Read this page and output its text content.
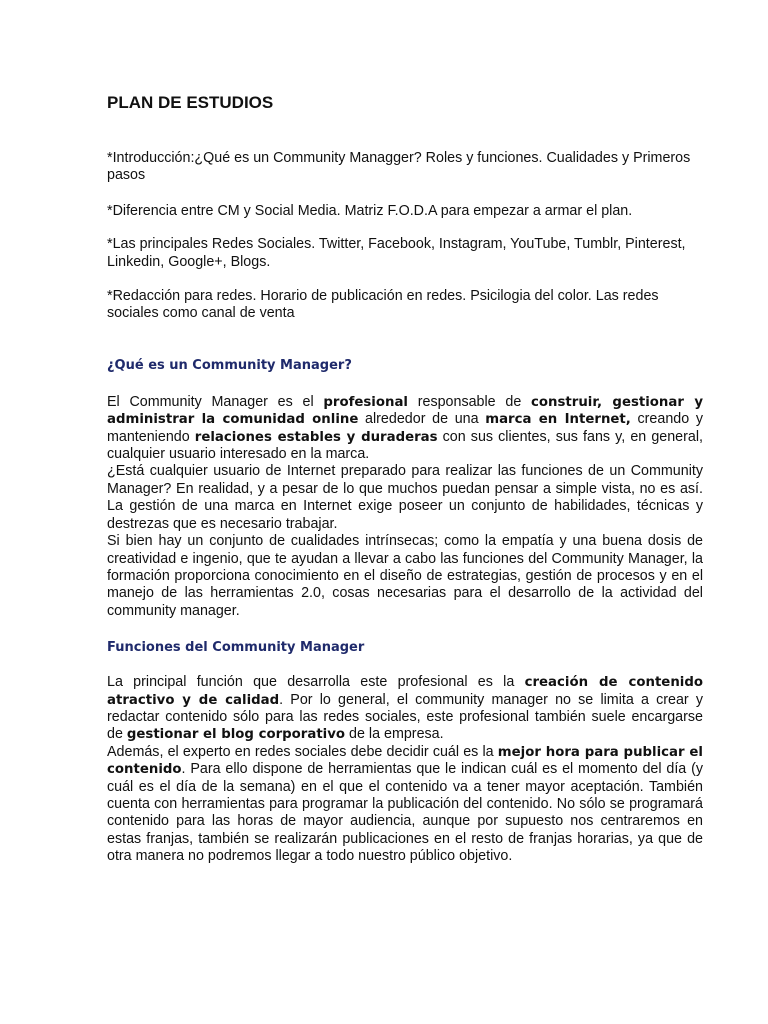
PLAN DE ESTUDIOS

*Introducción:¿Qué es un Community Managger? Roles y funciones. Cualidades y Primeros pasos

*Diferencia entre CM y Social Media. Matriz F.O.D.A para empezar a armar el plan.

*Las principales Redes Sociales. Twitter, Facebook, Instagram, YouTube, Tumblr, Pinterest, Linkedin, Google+, Blogs.

*Redacción para redes. Horario de publicación en redes. Psicilogia del color. Las redes sociales como canal de venta

¿Qué es un Community Manager?

El Community Manager es el profesional responsable de construir, gestionar y administrar la comunidad online alrededor de una marca en Internet, creando y manteniendo relaciones estables y duraderas con sus clientes, sus fans y, en general, cualquier usuario interesado en la marca.

¿Está cualquier usuario de Internet preparado para realizar las funciones de un Community Manager? En realidad, y a pesar de lo que muchos puedan pensar a simple vista, no es así. La gestión de una marca en Internet exige poseer un conjunto de habilidades, técnicas y destrezas que es necesario trabajar.

Si bien hay un conjunto de cualidades intrínsecas; como la empatía y una buena dosis de creatividad e ingenio, que te ayudan a llevar a cabo las funciones del Community Manager, la formación proporciona conocimiento en el diseño de estrategias, gestión de procesos y en el manejo de las herramientas 2.0, cosas necesarias para el desarrollo de la actividad del community manager.

Funciones del Community Manager

La principal función que desarrolla este profesional es la creación de contenido atractivo y de calidad. Por lo general, el community manager no se limita a crear y redactar contenido sólo para las redes sociales, este profesional también suele encargarse de gestionar el blog corporativo de la empresa.

Además, el experto en redes sociales debe decidir cuál es la mejor hora para publicar el contenido. Para ello dispone de herramientas que le indican cuál es el momento del día (y cuál es el día de la semana) en el que el contenido va a tener mayor aceptación. También cuenta con herramientas para programar la publicación del contenido. No sólo se programará contenido para las horas de mayor audiencia, aunque por supuesto nos centraremos en estas franjas, también se realizarán publicaciones en el resto de franjas horarias, ya que de otra manera no podremos llegar a todo nuestro público objetivo.
